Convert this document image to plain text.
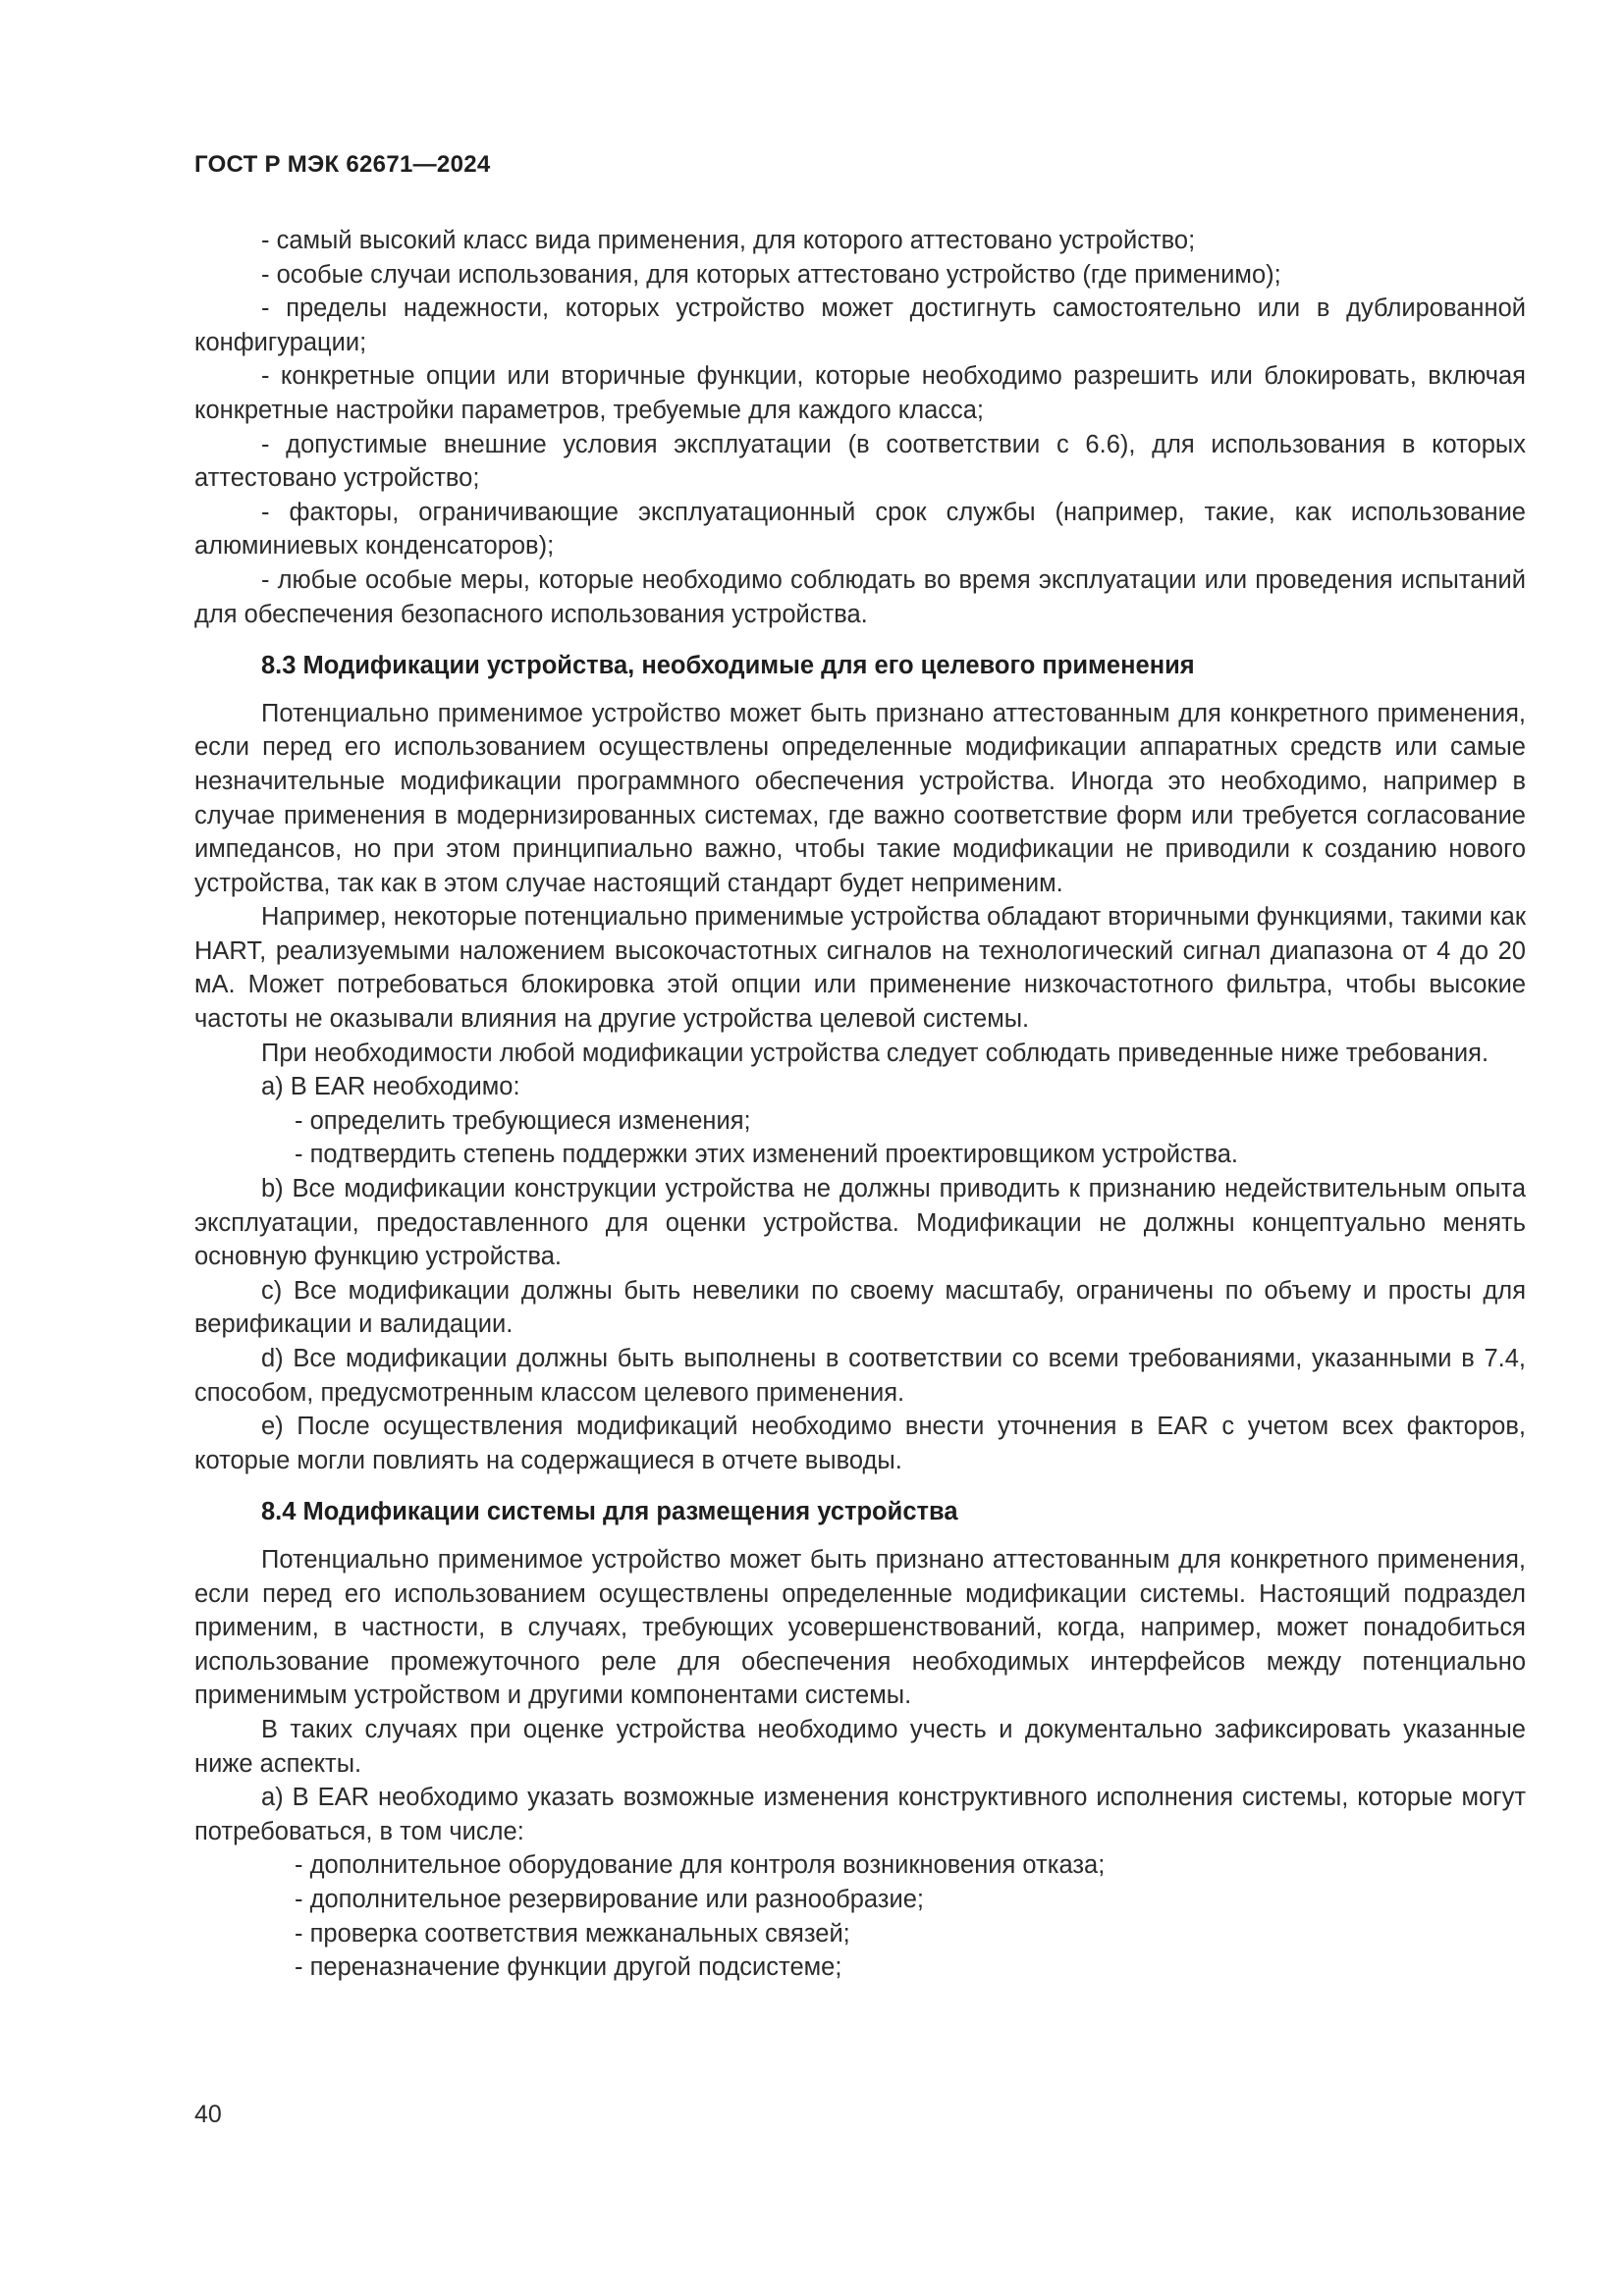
ГОСТ Р МЭК 62671—2024

- самый высокий класс вида применения, для которого аттестовано устройство;

- особые случаи использования, для которых аттестовано устройство (где применимо);

- пределы надежности, которых устройство может достигнуть самостоятельно или в дублированной конфигурации;

- конкретные опции или вторичные функции, которые необходимо разрешить или блокировать, включая конкретные настройки параметров, требуемые для каждого класса;

- допустимые внешние условия эксплуатации (в соответствии с 6.6), для использования в которых аттестовано устройство;

- факторы, ограничивающие эксплуатационный срок службы (например, такие, как использование алюминиевых конденсаторов);

- любые особые меры, которые необходимо соблюдать во время эксплуатации или проведения испытаний для обеспечения безопасного использования устройства.

8.3 Модификации устройства, необходимые для его целевого применения

Потенциально применимое устройство может быть признано аттестованным для конкретного применения, если перед его использованием осуществлены определенные модификации аппаратных средств или самые незначительные модификации программного обеспечения устройства. Иногда это необходимо, например в случае применения в модернизированных системах, где важно соответствие форм или требуется согласование импедансов, но при этом принципиально важно, чтобы такие модификации не приводили к созданию нового устройства, так как в этом случае настоящий стандарт будет неприменим.

Например, некоторые потенциально применимые устройства обладают вторичными функциями, такими как HART, реализуемыми наложением высокочастотных сигналов на технологический сигнал диапазона от 4 до 20 мА. Может потребоваться блокировка этой опции или применение низкочастотного фильтра, чтобы высокие частоты не оказывали влияния на другие устройства целевой системы.

При необходимости любой модификации устройства следует соблюдать приведенные ниже требования.

а) В EAR необходимо:

- определить требующиеся изменения;

- подтвердить степень поддержки этих изменений проектировщиком устройства.

b) Все модификации конструкции устройства не должны приводить к признанию недействительным опыта эксплуатации, предоставленного для оценки устройства. Модификации не должны концептуально менять основную функцию устройства.

c) Все модификации должны быть невелики по своему масштабу, ограничены по объему и просты для верификации и валидации.

d) Все модификации должны быть выполнены в соответствии со всеми требованиями, указанными в 7.4, способом, предусмотренным классом целевого применения.

e) После осуществления модификаций необходимо внести уточнения в EAR с учетом всех факторов, которые могли повлиять на содержащиеся в отчете выводы.

8.4 Модификации системы для размещения устройства

Потенциально применимое устройство может быть признано аттестованным для конкретного применения, если перед его использованием осуществлены определенные модификации системы. Настоящий подраздел применим, в частности, в случаях, требующих усовершенствований, когда, например, может понадобиться использование промежуточного реле для обеспечения необходимых интерфейсов между потенциально применимым устройством и другими компонентами системы.

В таких случаях при оценке устройства необходимо учесть и документально зафиксировать указанные ниже аспекты.

а) В EAR необходимо указать возможные изменения конструктивного исполнения системы, которые могут потребоваться, в том числе:

- дополнительное оборудование для контроля возникновения отказа;

- дополнительное резервирование или разнообразие;

- проверка соответствия межканальных связей;

- переназначение функции другой подсистеме;

40
